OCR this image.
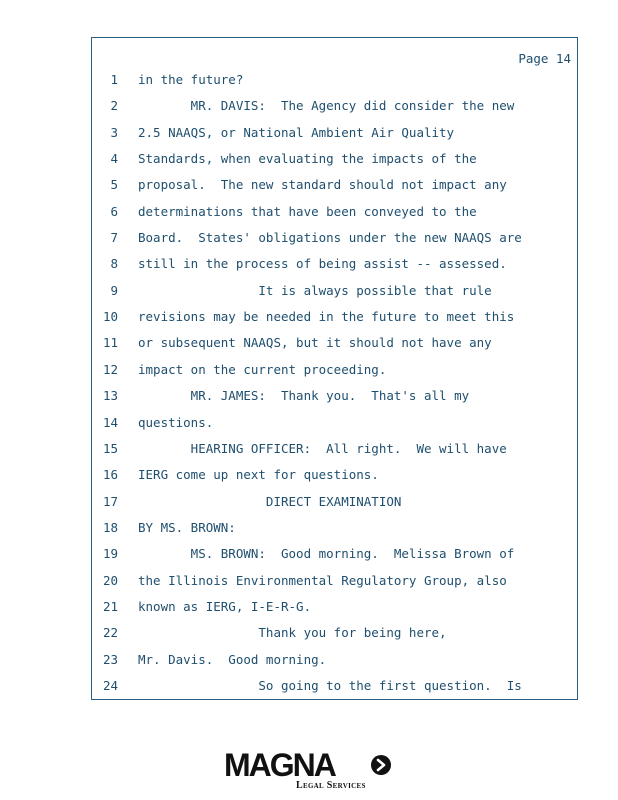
Page 14
1 in the future?
2 MR. DAVIS:  The Agency did consider the new
3 2.5 NAAQS, or National Ambient Air Quality
4 Standards, when evaluating the impacts of the
5 proposal.  The new standard should not impact any
6 determinations that have been conveyed to the
7 Board.  States' obligations under the new NAAQS are
8 still in the process of being assist -- assessed.
9 It is always possible that rule
10 revisions may be needed in the future to meet this
11 or subsequent NAAQS, but it should not have any
12 impact on the current proceeding.
13 MR. JAMES:  Thank you.  That's all my
14 questions.
15 HEARING OFFICER:  All right.  We will have
16 IERG come up next for questions.
17 DIRECT EXAMINATION
18 BY MS. BROWN:
19 MS. BROWN:  Good morning.  Melissa Brown of
20 the Illinois Environmental Regulatory Group, also
21 known as IERG, I-E-R-G.
22 Thank you for being here,
23 Mr. Davis.  Good morning.
24 So going to the first question.  Is
MAGNA
Legal Services
